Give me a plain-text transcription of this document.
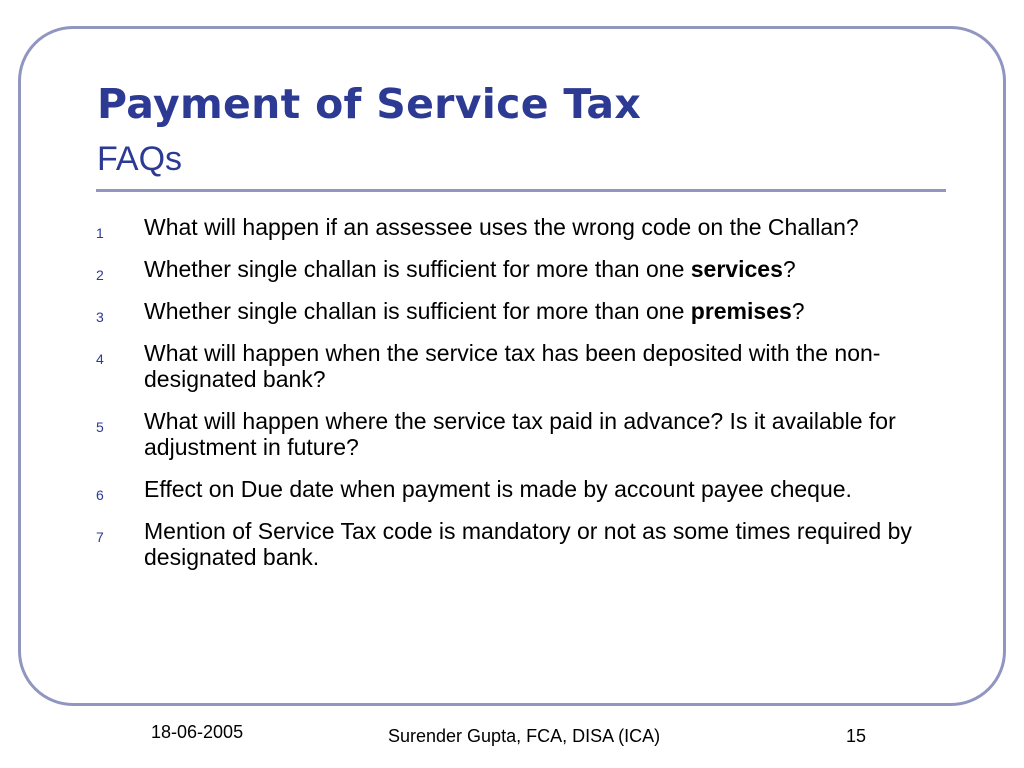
Payment of Service Tax
FAQs
1	What will happen if an assessee uses the wrong code on the Challan?
2	Whether single challan is sufficient for more than one services?
3	Whether single challan is sufficient for more than one premises?
4	What will happen when the service tax has been deposited with the non-designated bank?
5	What will happen where the service tax paid in advance? Is it available for adjustment in future?
6	Effect on Due date when payment is made by account payee cheque.
7	Mention of Service Tax code is mandatory or not as some times required by designated bank.
18-06-2005	Surender Gupta, FCA, DISA (ICA)	15
